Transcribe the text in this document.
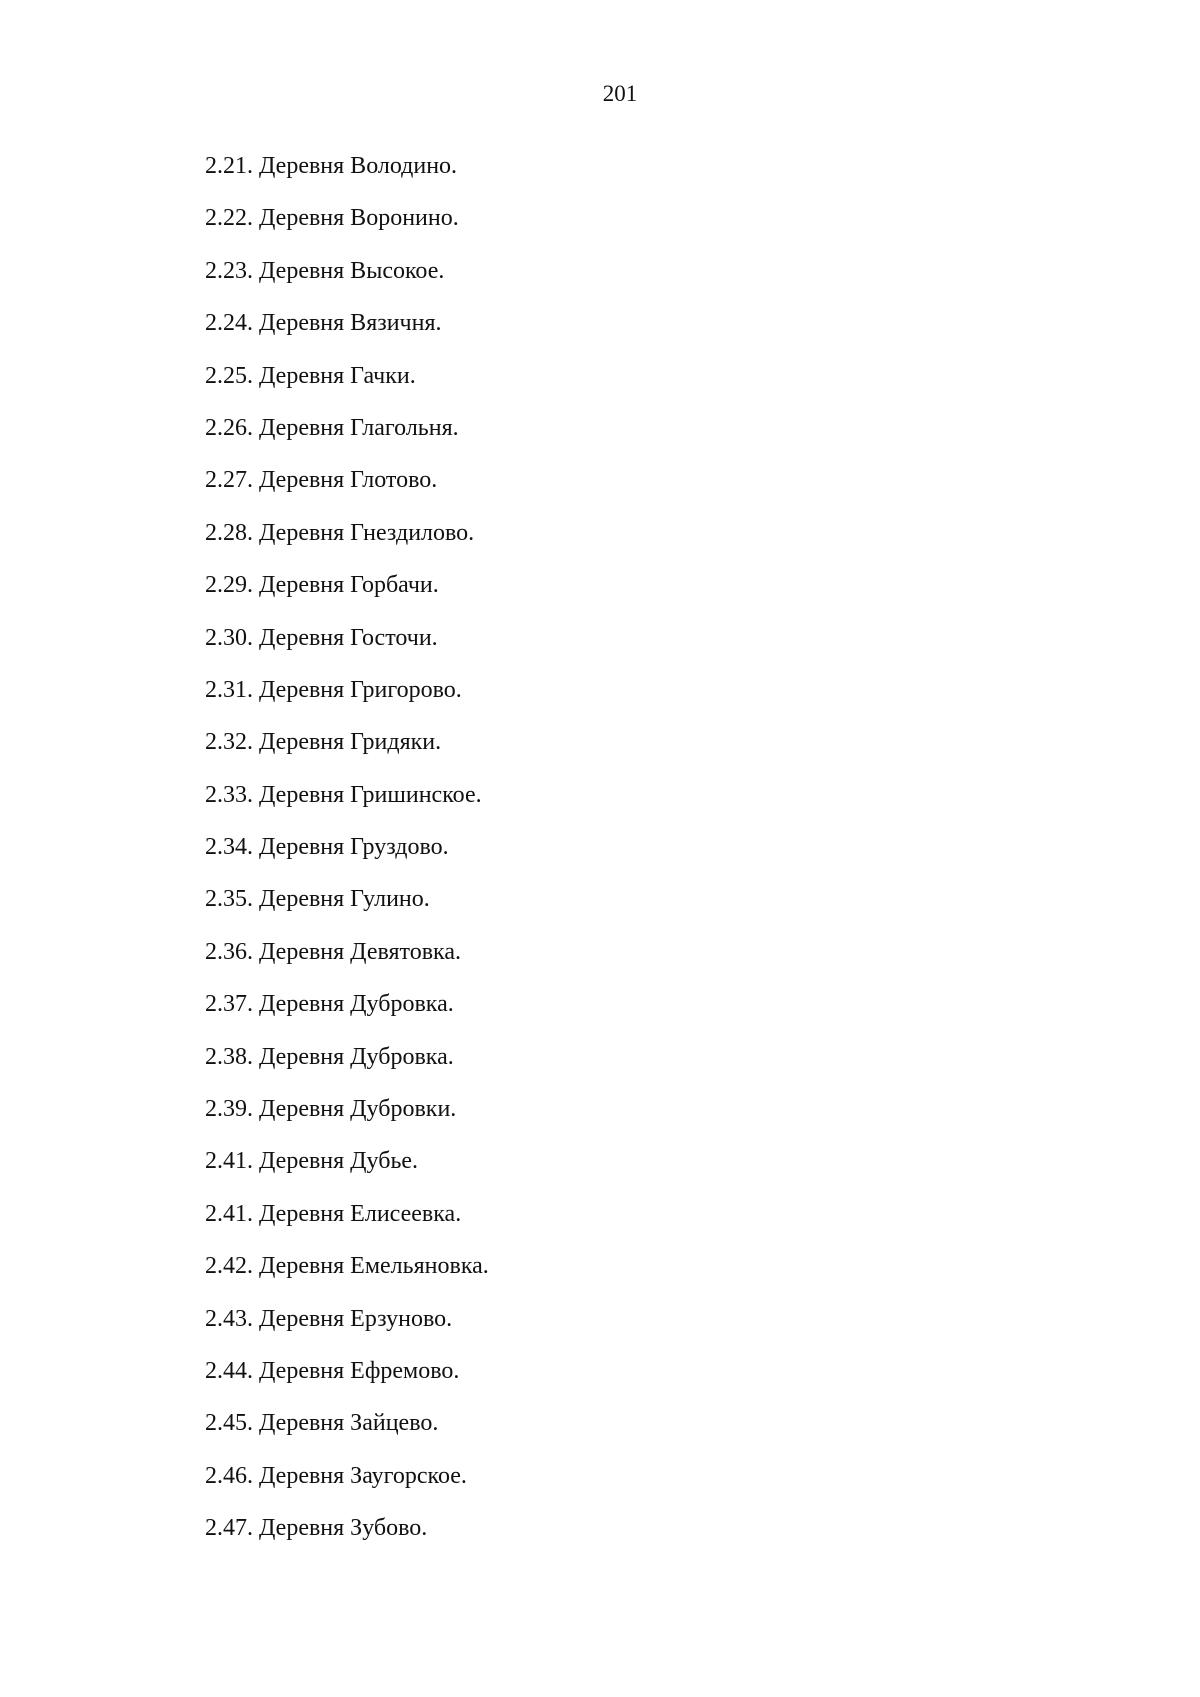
201
2.21. Деревня Володино.
2.22. Деревня Воронино.
2.23. Деревня Высокое.
2.24. Деревня Вязичня.
2.25. Деревня Гачки.
2.26. Деревня Глагольня.
2.27. Деревня Глотово.
2.28. Деревня Гнездилово.
2.29. Деревня Горбачи.
2.30. Деревня Госточи.
2.31. Деревня Григорово.
2.32. Деревня Гридяки.
2.33. Деревня Гришинское.
2.34. Деревня Груздово.
2.35. Деревня Гулино.
2.36. Деревня Девятовка.
2.37. Деревня Дубровка.
2.38. Деревня Дубровка.
2.39. Деревня Дубровки.
2.41. Деревня Дубье.
2.41. Деревня Елисеевка.
2.42. Деревня Емельяновка.
2.43. Деревня Ерзуново.
2.44. Деревня Ефремово.
2.45. Деревня Зайцево.
2.46. Деревня Заугорское.
2.47. Деревня Зубово.
